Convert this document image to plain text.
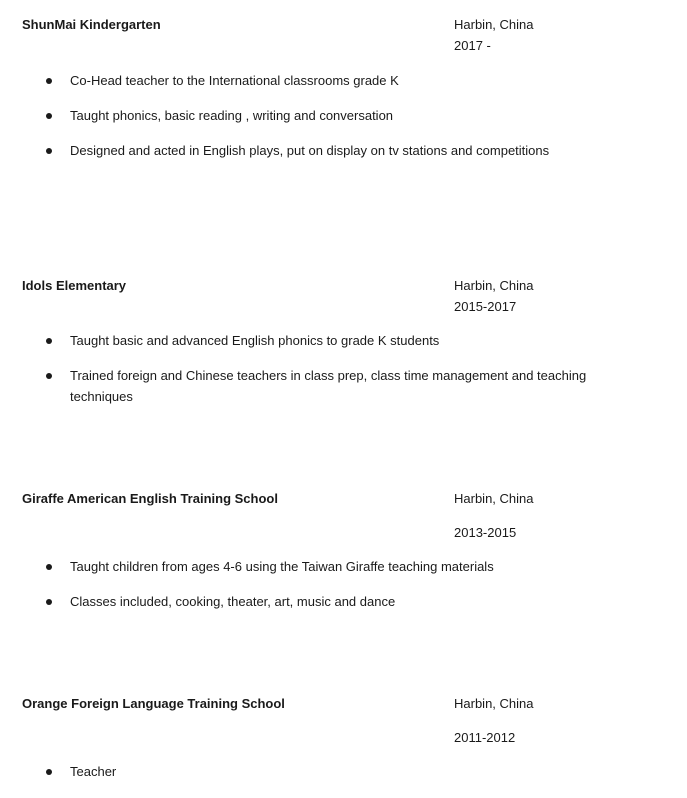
ShunMai Kindergarten	Harbin, China
2017 -
Co-Head teacher to the International classrooms grade K
Taught phonics, basic reading , writing and conversation
Designed and acted in English plays, put on display on tv stations and competitions
Idols Elementary	Harbin, China
2015-2017
Taught basic and advanced English phonics to grade K students
Trained foreign and Chinese teachers in class prep, class time management and teaching techniques
Giraffe American English Training School	Harbin, China
2013-2015
Taught children from ages 4-6 using the Taiwan Giraffe teaching materials
Classes included, cooking, theater, art, music and dance
Orange Foreign Language Training School	Harbin, China
2011-2012
Teacher
